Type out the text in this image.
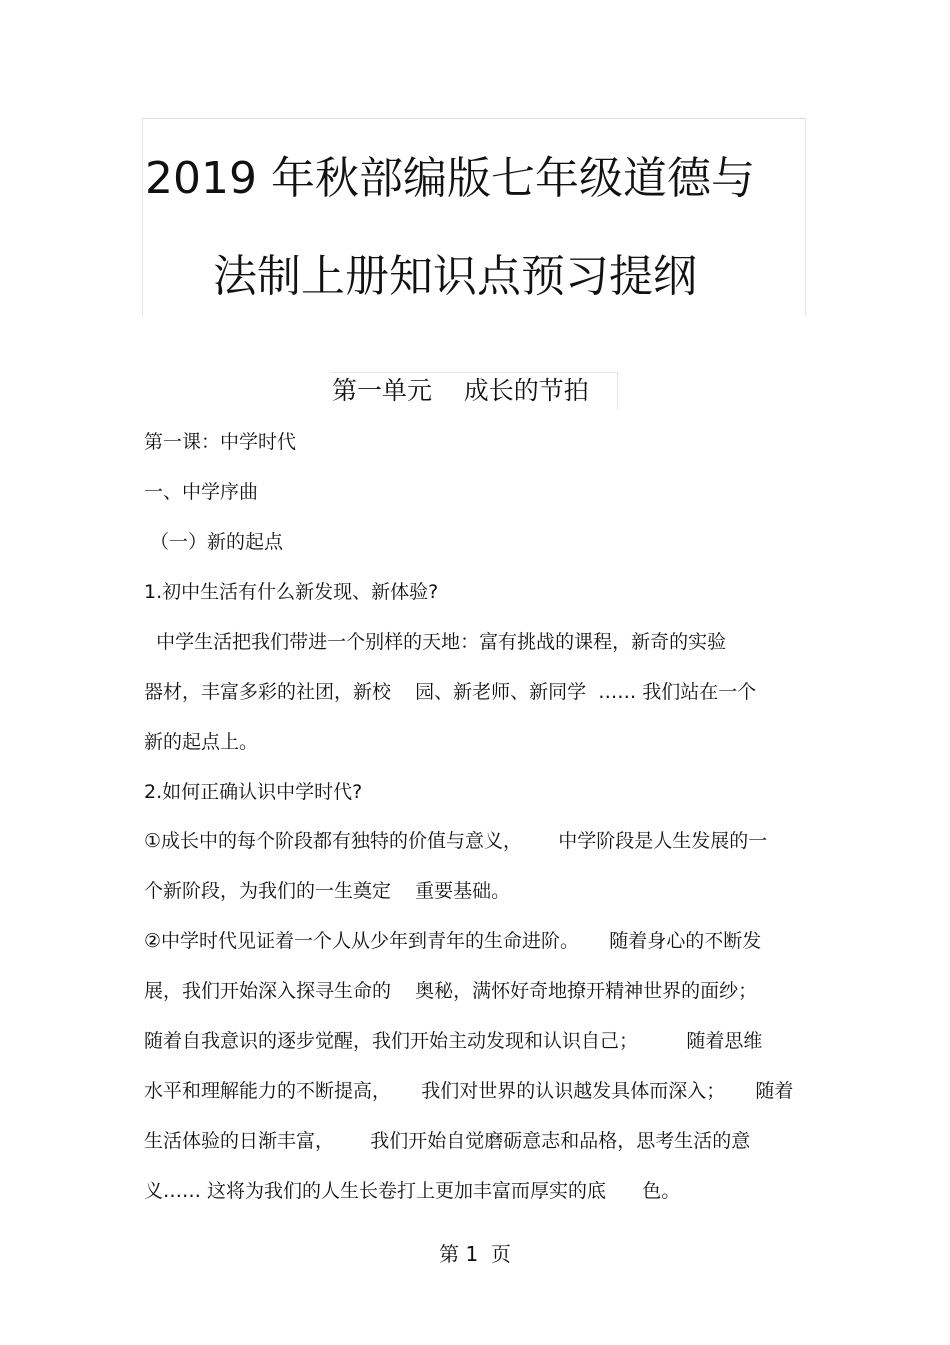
2019 年秋部编版七年级道德与
法制上册知识点预习提纲
第一单元    成长的节拍
第一课：中学时代
一、中学序曲
（一）新的起点
1.初中生活有什么新发现、新体验?
中学生活把我们带进一个别样的天地：富有挑战的课程，新奇的实验
器材，丰富多彩的社团，新校    园、新老师、新同学  …… 我们站在一个
新的起点上。
2.如何正确认识中学时代?
①成长中的每个阶段都有独特的价值与意义，      中学阶段是人生发展的一
个新阶段，为我们的一生奠定    重要基础。
②中学时代见证着一个人从少年到青年的生命进阶。     随着身心的不断发
展，我们开始深入探寻生命的    奥秘，满怀好奇地撩开精神世界的面纱；
随着自我意识的逐步觉醒，我们开始主动发现和认识自己；        随着思维
水平和理解能力的不断提高，     我们对世界的认识越发具体而深入；     随着
生活体验的日渐丰富，      我们开始自觉磨砺意志和品格，思考生活的意
义…… 这将为我们的人生长卷打上更加丰富而厚实的底      色。
第 1  页
